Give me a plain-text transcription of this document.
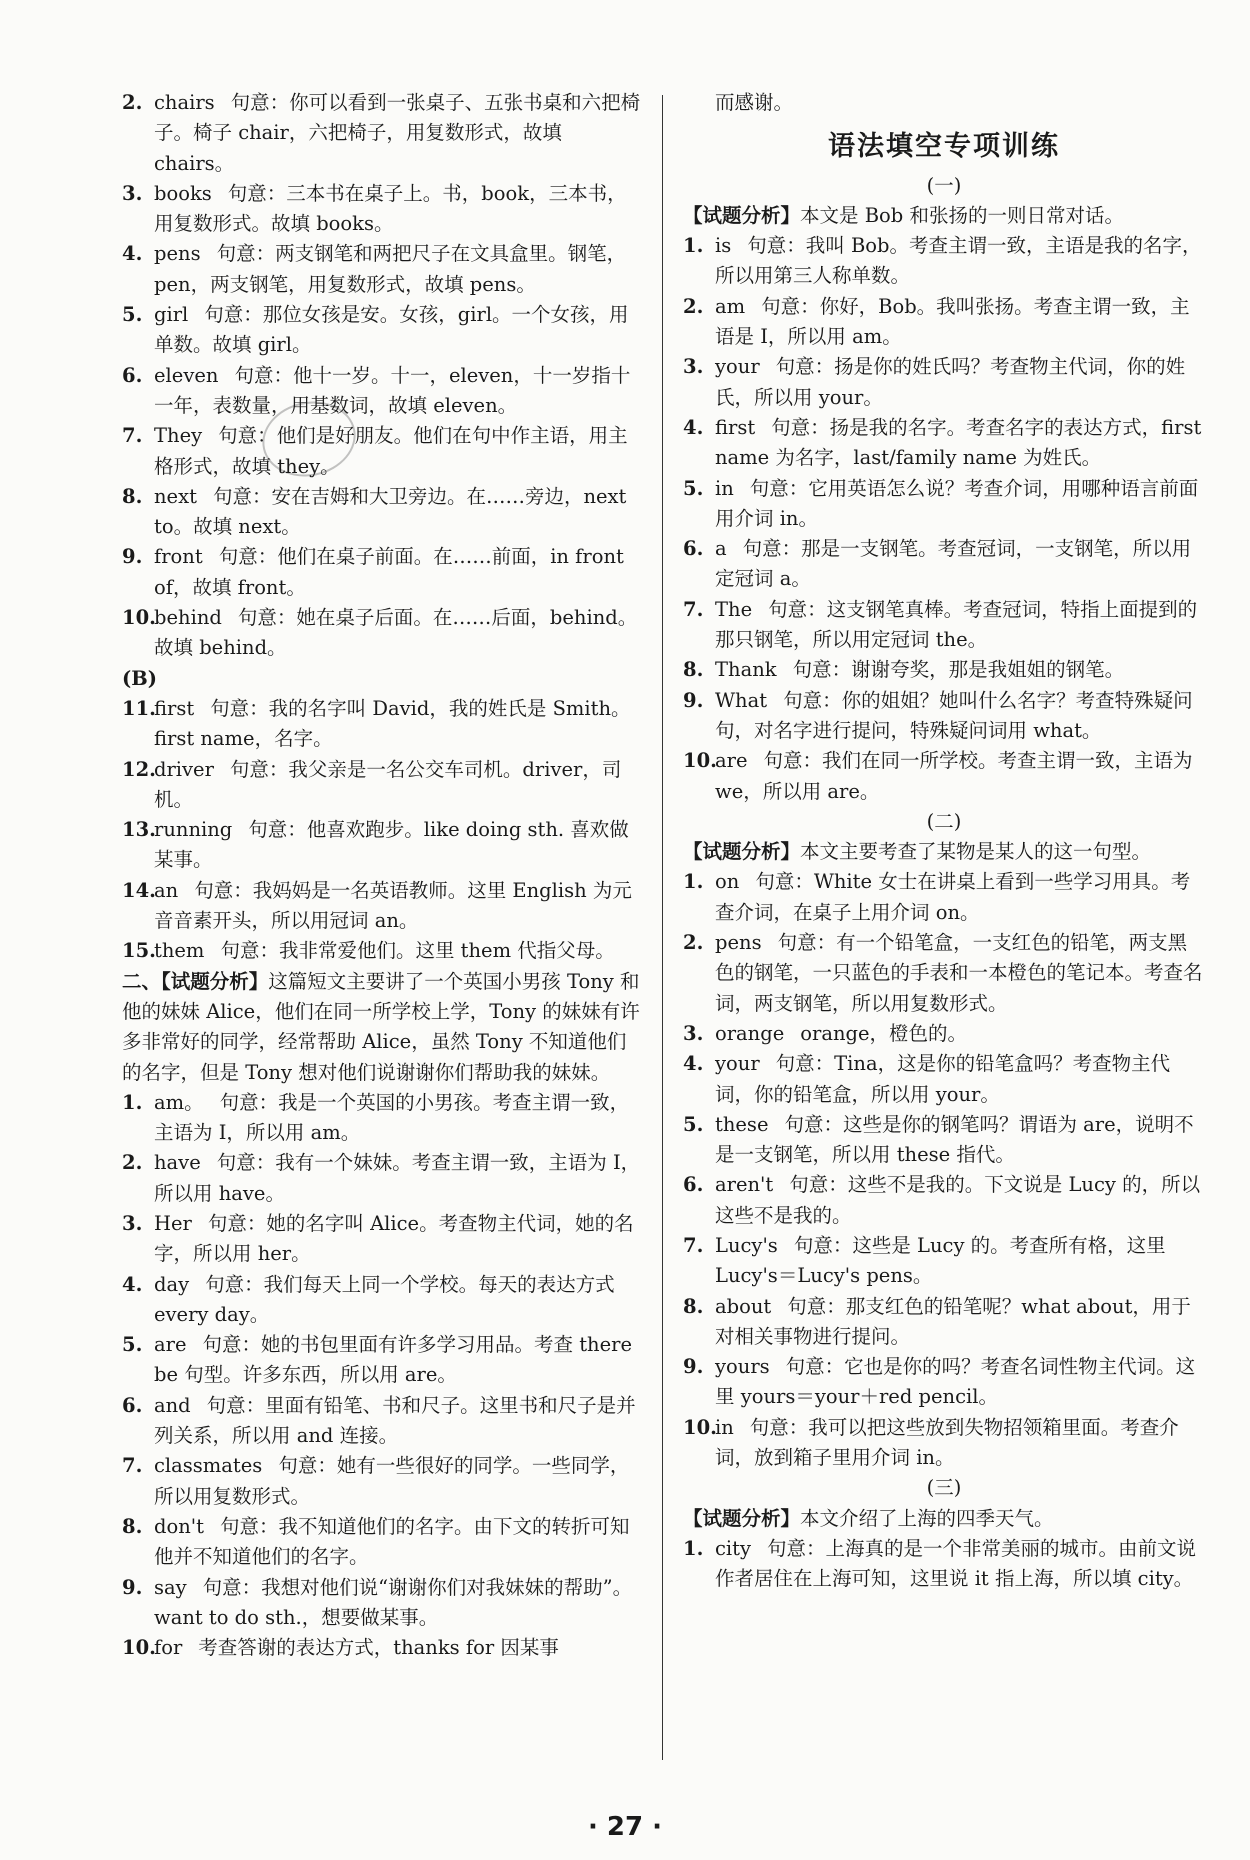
2. chairs 句意：你可以看到一张桌子、五张书桌和六把椅子。椅子 chair，六把椅子，用复数形式，故填 chairs。

3. books 句意：三本书在桌子上。书，book，三本书，用复数形式。故填 books。

4. pens 句意：两支钢笔和两把尺子在文具盒里。钢笔，pen，两支钢笔，用复数形式，故填 pens。

5. girl 句意：那位女孩是安。女孩，girl。一个女孩，用单数。故填 girl。

6. eleven 句意：他十一岁。十一，eleven，十一岁指十一年，表数量，用基数词，故填 eleven。

7. They 句意：他们是好朋友。他们在句中作主语，用主格形式，故填 they。

8. next 句意：安在吉姆和大卫旁边。在……旁边，next to。故填 next。

9. front 句意：他们在桌子前面。在……前面，in front of，故填 front。

10.
behind 句意：她在桌子后面。在……后面，behind。故填 behind。

(B)

11.
first 句意：我的名字叫 David，我的姓氏是 Smith。first name，名字。

12.
driver 句意：我父亲是一名公交车司机。driver，司机。

13.
running 句意：他喜欢跑步。like doing sth. 喜欢做某事。

14.
an 句意：我妈妈是一名英语教师。这里 English 为元音音素开头，所以用冠词 an。

15.
them 句意：我非常爱他们。这里 them 代指父母。

二、【试题分析】这篇短文主要讲了一个英国小男孩 Tony 和他的妹妹 Alice，他们在同一所学校上学，Tony 的妹妹有许多非常好的同学，经常帮助 Alice，虽然 Tony 不知道他们的名字，但是 Tony 想对他们说谢谢你们帮助我的妹妹。

1. am。 句意：我是一个英国的小男孩。考查主谓一致，主语为 I，所以用 am。

2. have 句意：我有一个妹妹。考查主谓一致，主语为 I，所以用 have。

3. Her 句意：她的名字叫 Alice。考查物主代词，她的名字，所以用 her。

4. day 句意：我们每天上同一个学校。每天的表达方式 every day。

5. are 句意：她的书包里面有许多学习用品。考查 there be 句型。许多东西，所以用 are。

6. and 句意：里面有铅笔、书和尺子。这里书和尺子是并列关系，所以用 and 连接。

7. classmates 句意：她有一些很好的同学。一些同学，所以用复数形式。

8. don't 句意：我不知道他们的名字。由下文的转折可知他并不知道他们的名字。

9. say 句意：我想对他们说“谢谢你们对我妹妹的帮助”。want to do sth.，想要做某事。

10.
for 考查答谢的表达方式，thanks for 因某事

而感谢。

语法填空专项训练

(一)

【试题分析】本文是 Bob 和张扬的一则日常对话。

1. is 句意：我叫 Bob。考查主谓一致，主语是我的名字，所以用第三人称单数。

2. am 句意：你好，Bob。我叫张扬。考查主谓一致，主语是 I，所以用 am。

3. your 句意：扬是你的姓氏吗？考查物主代词，你的姓氏，所以用 your。

4. first 句意：扬是我的名字。考查名字的表达方式，first name 为名字，last/family name 为姓氏。

5. in 句意：它用英语怎么说？考查介词，用哪种语言前面用介词 in。

6. a 句意：那是一支钢笔。考查冠词，一支钢笔，所以用定冠词 a。

7. The 句意：这支钢笔真棒。考查冠词，特指上面提到的那只钢笔，所以用定冠词 the。

8. Thank 句意：谢谢夸奖，那是我姐姐的钢笔。

9. What 句意：你的姐姐？她叫什么名字？考查特殊疑问句，对名字进行提问，特殊疑问词用 what。

10.
are 句意：我们在同一所学校。考查主谓一致，主语为 we，所以用 are。

(二)

【试题分析】本文主要考查了某物是某人的这一句型。

1. on 句意：White 女士在讲桌上看到一些学习用具。考查介词，在桌子上用介词 on。

2. pens 句意：有一个铅笔盒，一支红色的铅笔，两支黑色的钢笔，一只蓝色的手表和一本橙色的笔记本。考查名词，两支钢笔，所以用复数形式。

3. orange orange，橙色的。

4. your 句意：Tina，这是你的铅笔盒吗？考查物主代词，你的铅笔盒，所以用 your。

5. these 句意：这些是你的钢笔吗？谓语为 are，说明不是一支钢笔，所以用 these 指代。

6. aren't 句意：这些不是我的。下文说是 Lucy 的，所以这些不是我的。

7. Lucy's 句意：这些是 Lucy 的。考查所有格，这里 Lucy's＝Lucy's pens。

8. about 句意：那支红色的铅笔呢？what about，用于对相关事物进行提问。

9. yours 句意：它也是你的吗？考查名词性物主代词。这里 yours＝your＋red pencil。

10.
in 句意：我可以把这些放到失物招领箱里面。考查介词，放到箱子里用介词 in。

(三)

【试题分析】本文介绍了上海的四季天气。

1. city 句意：上海真的是一个非常美丽的城市。由前文说作者居住在上海可知，这里说 it 指上海，所以填 city。

· 27 ·
